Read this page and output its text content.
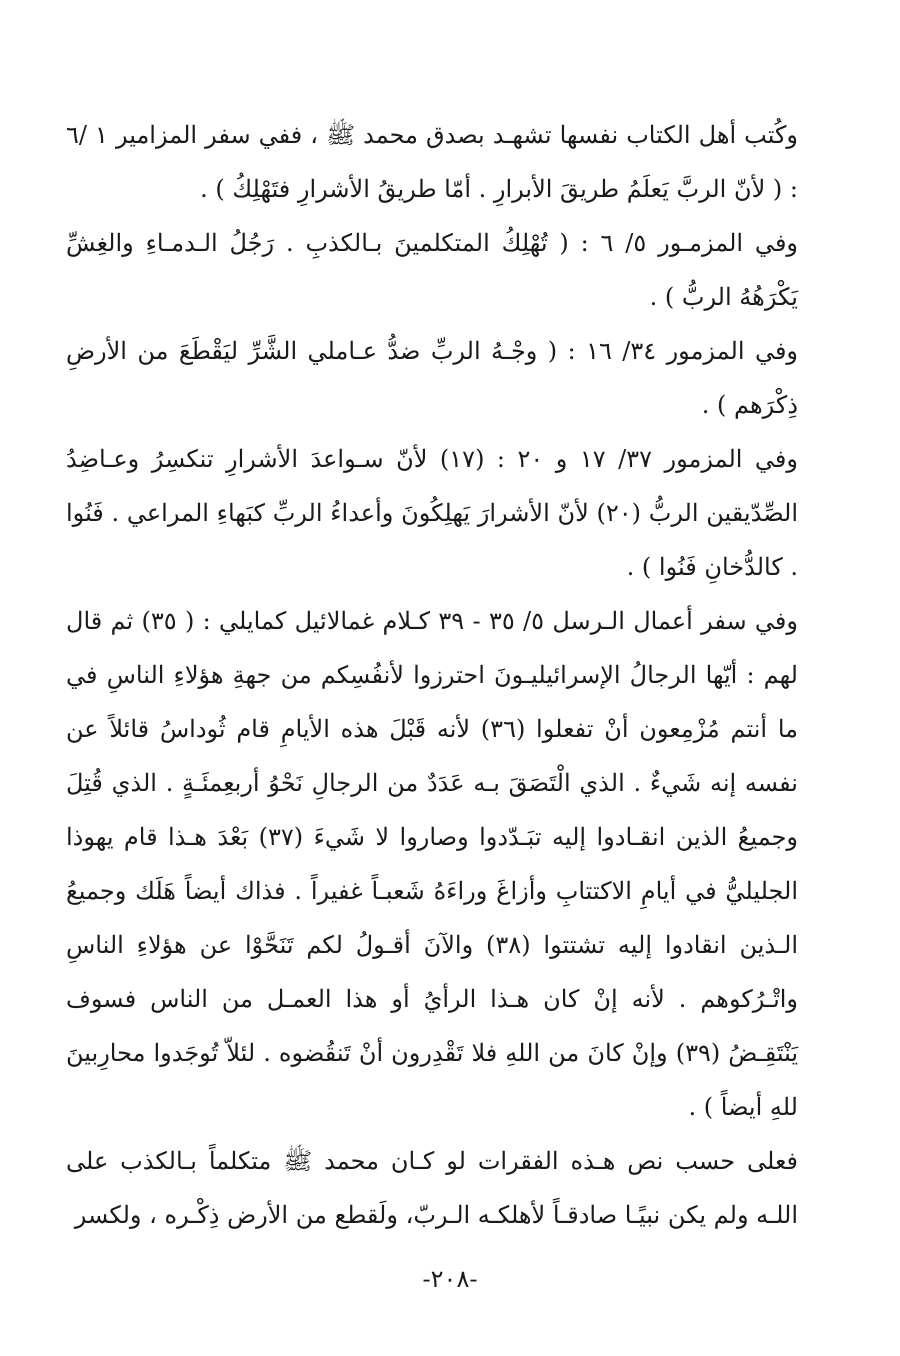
وكُتب أهل الكتاب نفسها تشهـد بصدق محمد ﷺ ، ففي سفر المزامير ١ /٦ : ( لأنّ الربَّ يَعلَمُ طريقَ الأبرارِ . أمّا طريقُ الأشرارِ فتَهْلِكُ ) .

وفي المزمـور ٥/ ٦ : ( تُهْلِكُ المتكلمينَ بـالكذبِ . رَجُلُ الـدمـاءِ والغِشِّ يَكْرَهُهُ الربُّ ) .

وفي المزمور ٣٤/ ١٦ : ( وجْـهُ الربِّ ضدُّ عـاملي الشَّرِّ ليَقْطَعَ من الأرضِ ذِكْرَهم ) .

وفي المزمور ٣٧/ ١٧ و ٢٠ : (١٧) لأنّ سـواعدَ الأشرارِ تنكسِرُ وعـاضِدُ الصِّدّيقين الربُّ (٢٠) لأنّ الأشرارَ يَهلِكُونَ وأعداءُ الربِّ كبَهاءِ المراعي . فَنُوا . كالدُّخانِ فَنُوا ) .

وفي سفر أعمال الـرسل ٥/ ٣٥ - ٣٩ كـلام غمالائيل كمايلي : ( ٣٥) ثم قال لهم : أيّها الرجالُ الإسرائيليـونَ احترزوا لأنفُسِكم من جهةِ هؤلاءِ الناسِ في ما أنتم مُزْمِعون أنْ تفعلوا (٣٦) لأنه قَبْلَ هذه الأيامِ قام ثُوداسُ قائلاً عن نفسه إنه شَيءٌ . الذي الْتَصَقَ بـه عَدَدٌ من الرجالِ نَحْوُ أربعِمئَـةٍ . الذي قُتِلَ وجميعُ الذين انقـادوا إليه تبَـدّدوا وصاروا لا شَيءَ (٣٧) بَعْدَ هـذا قام يهوذا الجليليُّ في أيامِ الاكتتابِ وأزاغَ وراءَهُ شَعبـاً غفيراً . فذاك أيضاً هَلَك وجميعُ الـذين انقادوا إليه تشتتوا (٣٨) والآنَ أقـولُ لكم تَنَحَّوْا عن هؤلاءِ الناسِ واتْـرُكوهم . لأنه إنْ كان هـذا الرأيُ أو هذا العمـل من الناس فسوف يَنْتَقِـضُ (٣٩) وإنْ كانَ من اللهِ فلا تَقْدِرون أنْ تَنقُضوه . لئلاّ تُوجَدوا محارِبينَ للهِ أيضاً ) .

فعلى حسب نص هـذه الفقرات لو كـان محمد ﷺ متكلماً بـالكذب على اللـه ولم يكن نبيًـا صادقـاً لأهلكـه الـربّ، ولَقطع من الأرض ذِكْـره ، ولكسر

-٢٠٨-
